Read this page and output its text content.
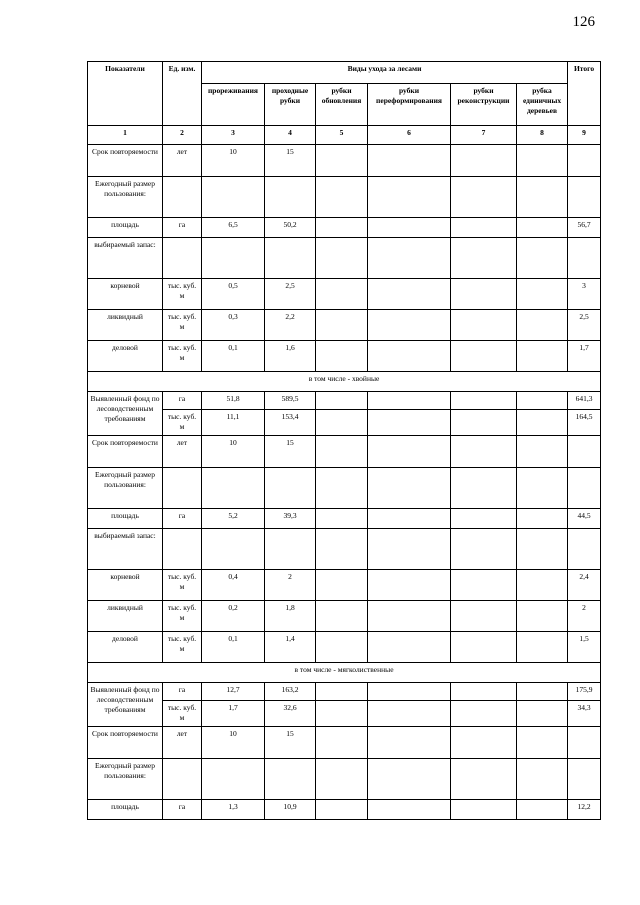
126
Показатели	Ед. изм.	Виды ухода за лесами						Итого
		прореживания	проходные рубки	рубки обновления	рубки переформирования	рубки реконструкции	рубка единичных деревьев	
1	2	3	4	5	6	7	8	9
Срок повторяемости	лет	10	15					
Ежегодный размер пользования:								
площадь	га	6,5	50,2					56,7
выбираемый запас:								
корневой	тыс. куб. м	0,5	2,5					3
ликвидный	тыс. куб. м	0,3	2,2					2,5
деловой	тыс. куб. м	0,1	1,6					1,7
в том числе - хвойные								
Выявленный фонд по лесоводственным требованиям	га	51,8	589,5					641,3
	тыс. куб. м	11,1	153,4					164,5
Срок повторяемости	лет	10	15					
Ежегодный размер пользования:								
площадь	га	5,2	39,3					44,5
выбираемый запас:								
корневой	тыс. куб. м	0,4	2					2,4
ликвидный	тыс. куб. м	0,2	1,8					2
деловой	тыс. куб. м	0,1	1,4					1,5
в том числе - мягколиственные								
Выявленный фонд по лесоводственным требованиям	га	12,7	163,2					175,9
	тыс. куб. м	1,7	32,6					34,3
Срок повторяемости	лет	10	15					
Ежегодный размер пользования:								
площадь	га	1,3	10,9					12,2
